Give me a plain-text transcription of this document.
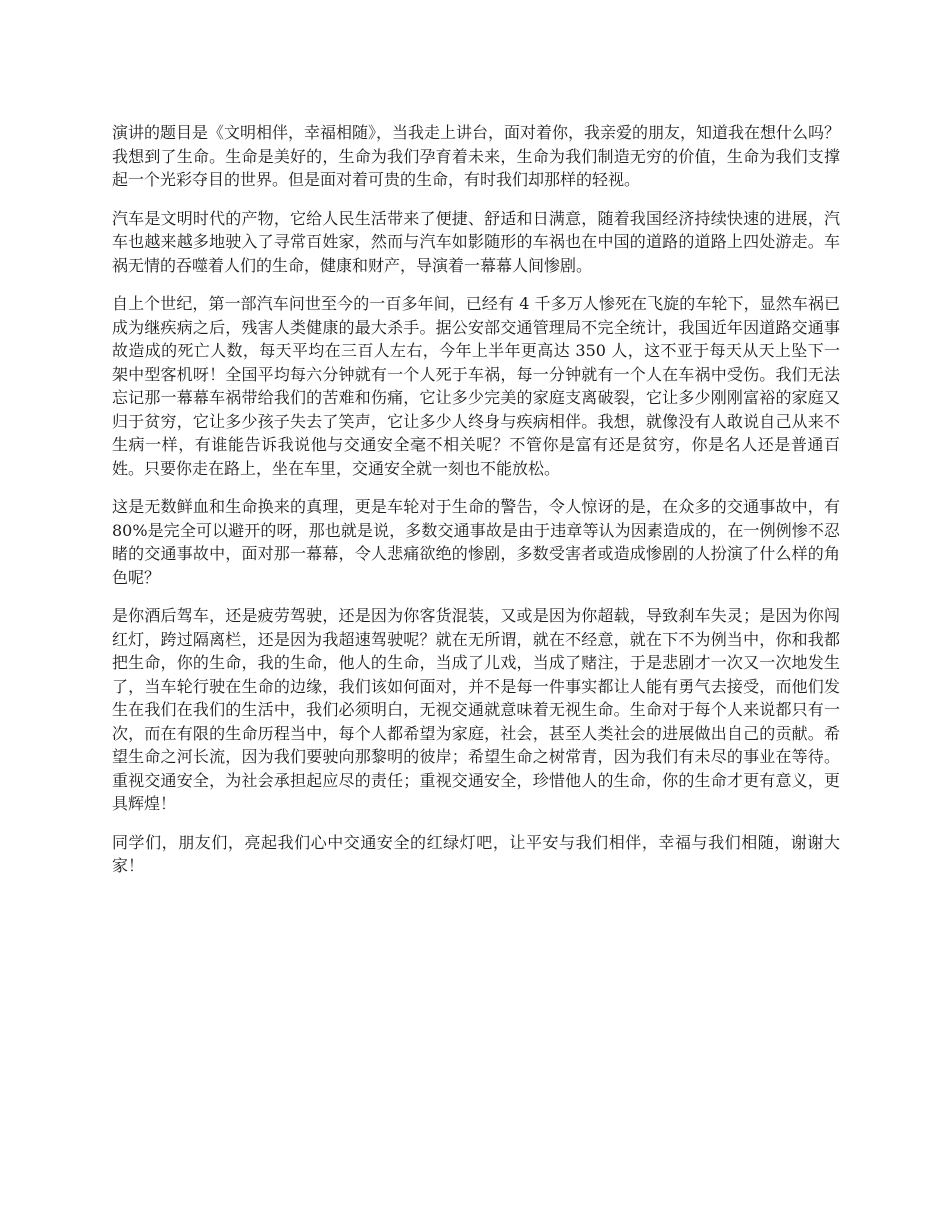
演讲的题目是《文明相伴，幸福相随》，当我走上讲台，面对着你，我亲爱的朋友，知道我在想什么吗？我想到了生命。生命是美好的，生命为我们孕育着未来，生命为我们制造无穷的价值，生命为我们支撑起一个光彩夺目的世界。但是面对着可贵的生命，有时我们却那样的轻视。

汽车是文明时代的产物，它给人民生活带来了便捷、舒适和日满意，随着我国经济持续快速的进展，汽车也越来越多地驶入了寻常百姓家，然而与汽车如影随形的车祸也在中国的道路的道路上四处游走。车祸无情的吞噬着人们的生命，健康和财产，导演着一幕幕人间惨剧。

自上个世纪，第一部汽车问世至今的一百多年间，已经有 4 千多万人惨死在飞旋的车轮下，显然车祸已成为继疾病之后，残害人类健康的最大杀手。据公安部交通管理局不完全统计，我国近年因道路交通事故造成的死亡人数，每天平均在三百人左右，今年上半年更高达 350 人，这不亚于每天从天上坠下一架中型客机呀！全国平均每六分钟就有一个人死于车祸，每一分钟就有一个人在车祸中受伤。我们无法忘记那一幕幕车祸带给我们的苦难和伤痛，它让多少完美的家庭支离破裂，它让多少刚刚富裕的家庭又归于贫穷，它让多少孩子失去了笑声，它让多少人终身与疾病相伴。我想，就像没有人敢说自己从来不生病一样，有谁能告诉我说他与交通安全毫不相关呢？不管你是富有还是贫穷，你是名人还是普通百姓。只要你走在路上，坐在车里，交通安全就一刻也不能放松。

这是无数鲜血和生命换来的真理，更是车轮对于生命的警告，令人惊讶的是，在众多的交通事故中，有 80%是完全可以避开的呀，那也就是说，多数交通事故是由于违章等认为因素造成的，在一例例惨不忍睹的交通事故中，面对那一幕幕，令人悲痛欲绝的惨剧，多数受害者或造成惨剧的人扮演了什么样的角色呢？

是你酒后驾车，还是疲劳驾驶，还是因为你客货混装，又或是因为你超载，导致刹车失灵；是因为你闯红灯，跨过隔离栏，还是因为我超速驾驶呢？就在无所谓，就在不经意，就在下不为例当中，你和我都把生命，你的生命，我的生命，他人的生命，当成了儿戏，当成了赌注，于是悲剧才一次又一次地发生了，当车轮行驶在生命的边缘，我们该如何面对，并不是每一件事实都让人能有勇气去接受，而他们发生在我们在我们的生活中，我们必须明白，无视交通就意味着无视生命。生命对于每个人来说都只有一次，而在有限的生命历程当中，每个人都希望为家庭，社会，甚至人类社会的进展做出自己的贡献。希望生命之河长流，因为我们要驶向那黎明的彼岸；希望生命之树常青，因为我们有未尽的事业在等待。重视交通安全，为社会承担起应尽的责任；重视交通安全，珍惜他人的生命，你的生命才更有意义，更具辉煌！

同学们，朋友们，亮起我们心中交通安全的红绿灯吧，让平安与我们相伴，幸福与我们相随，谢谢大家！
